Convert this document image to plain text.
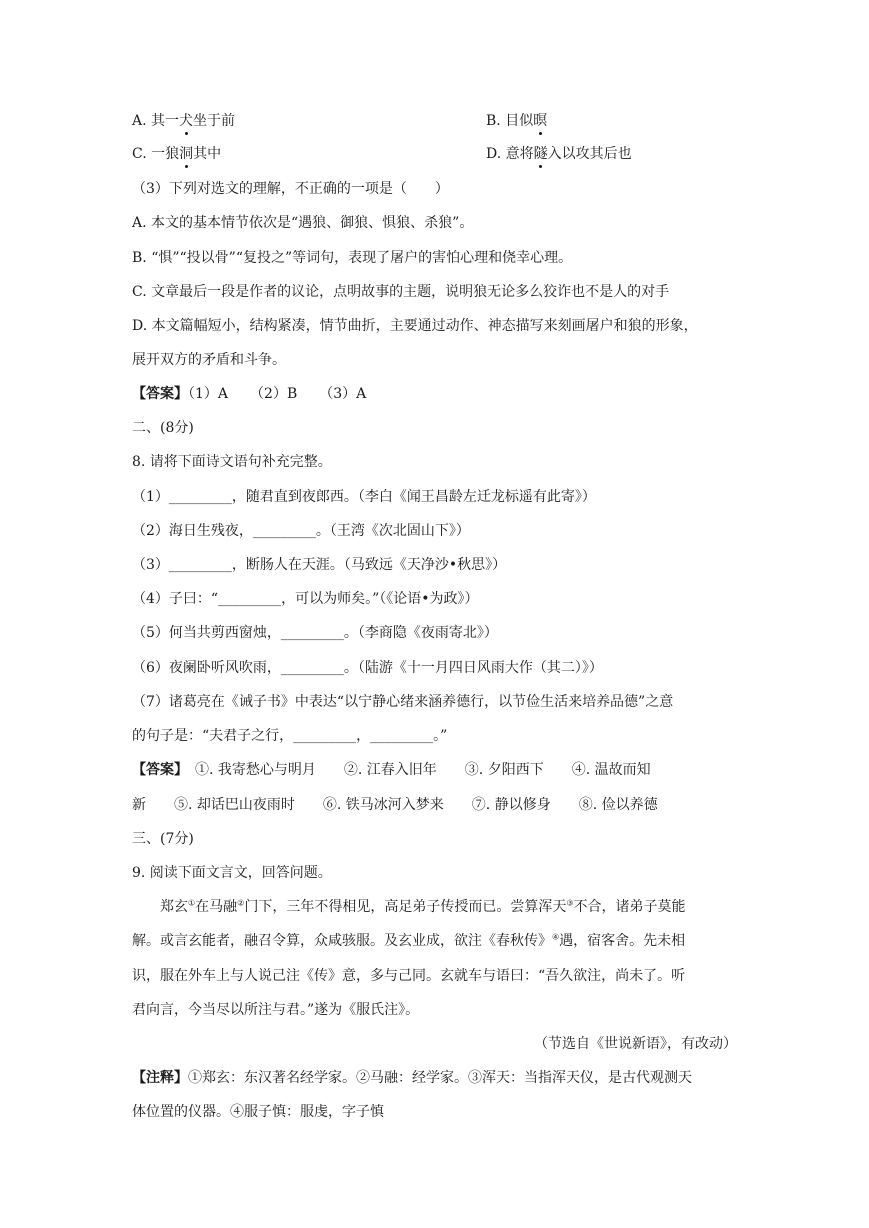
A. 其一犬坐于前	B. 目似暝
C. 一狼洞其中	D. 意将隧入以攻其后也
（3）下列对选文的理解，不正确的一项是（　　）
A. 本文的基本情节依次是“遇狼、御狼、惧狼、杀狼”。
B. “惧”“投以骨”“复投之”等词句，表现了屠户的害怕心理和侥幸心理。
C. 文章最后一段是作者的议论，点明故事的主题，说明狼无论多么狡诈也不是人的对手
D. 本文篇幅短小，结构紧凑，情节曲折，主要通过动作、神态描写来刻画屠户和狼的形象，
展开双方的矛盾和斗争。
【答案】（1）A （2）B （3）A
二、(8分)
8. 请将下面诗文语句补充完整。
（1）_________，随君直到夜郎西。（李白《闻王昌龄左迁龙标遥有此寄》）
（2）海日生残夜，_________。（王湾《次北固山下》）
（3）_________，断肠人在天涯。（马致远《天净沙•秋思》）
（4）子曰：“_________，可以为师矣。”（《论语•为政》）
（5）何当共剪西窗烛，_________。（李商隐《夜雨寄北》）
（6）夜阑卧听风吹雨，_________。（陆游《十一月四日风雨大作（其二）》）
（7）诸葛亮在《诫子书》中表达“以宁静心绪来涵养德行，以节俭生活来培养品德”之意
的句子是：“夫君子之行，_________，_________。”
【答案】　①. 我寄愁心与明月　　②. 江春入旧年　　③. 夕阳西下　　④. 温故而知
新　　⑤. 却话巴山夜雨时　　⑥. 铁马冰河入梦来　　⑦. 静以修身　　⑧. 俭以养德
三、(7分)
9. 阅读下面文言文，回答问题。
郑玄①在马融②门下，三年不得相见，高足弟子传授而已。尝算浑天③不合，诸弟子莫能
解。或言玄能者，融召令算，众咸骇服。及玄业成，欲注《春秋传》④遇，宿客舍。先未相
识，服在外车上与人说己注《传》意，多与己同。玄就车与语曰：“吾久欲注，尚未了。听
君向言，今当尽以所注与君。”遂为《服氏注》。
（节选自《世说新语》，有改动）
【注释】①郑玄：东汉著名经学家。②马融：经学家。③浑天：当指浑天仪，是古代观测天
体位置的仪器。④服子慎：服虔，字子慎
